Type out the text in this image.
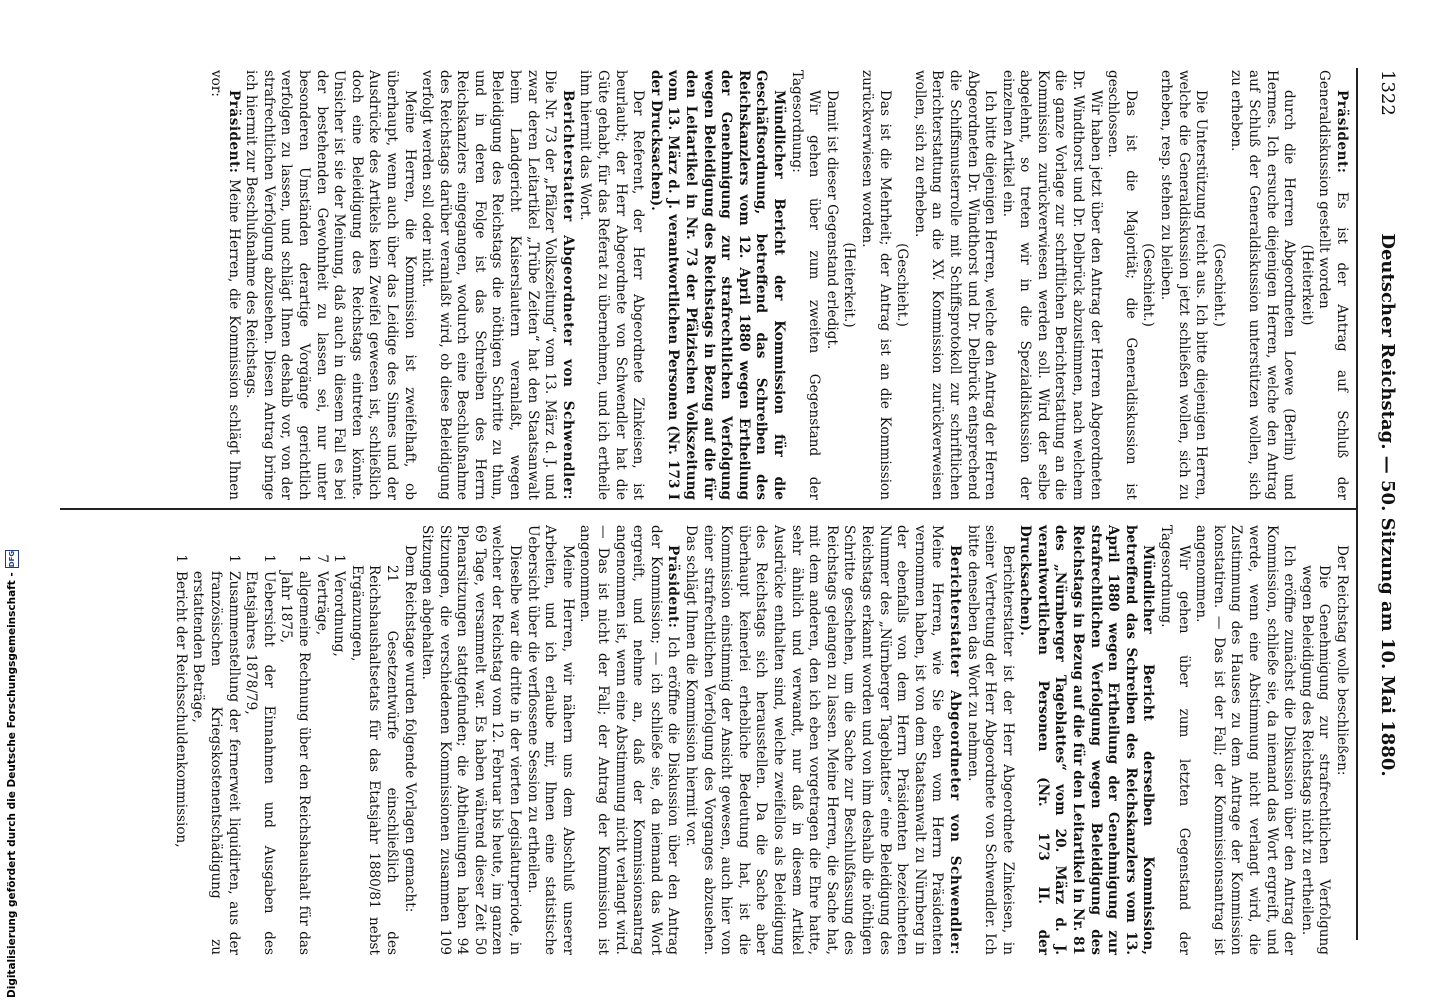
1322
Deutscher Reichstag. — 50. Sitzung am 10. Mai 1880.

Präsident: Es ist der Antrag auf Schluß der Generaldiskussion gestellt worden

(Heiterkeit)

durch die Herren Abgeordneten Loewe (Berlin) und Hermes. Ich ersuche diejenigen Herren, welche den Antrag auf Schluß der Generaldiskussion unterstützen wollen, sich zu erheben.

(Geschieht.)

Die Unterstützung reicht aus. Ich bitte diejenigen Herren, welche die Generaldiskussion jetzt schließen wollen, sich zu erheben, resp. stehen zu bleiben.

(Geschieht.)

Das ist die Majorität; die Generaldiskussion ist geschlossen.

Wir haben jetzt über den Antrag der Herren Abgeordneten Dr. Windthorst und Dr. Delbrück abzustimmen, nach welchem die ganze Vorlage zur schriftlichen Berichterstattung an die Kommission zurückverwiesen werden soll. Wird der selbe abgelehnt, so treten wir in die Spezialdiskussion der einzelnen Artikel ein.

Ich bitte diejenigen Herren, welche den Antrag der Herren Abgeordneten Dr. Windthorst und Dr. Delbrück entsprechend die Schiffsmusterrolle mit Schiffsprotokoll zur schriftlichen Berichterstattung an die XV. Kommission zurückverweisen wollen, sich zu erheben.

(Geschieht.)

Das ist die Mehrheit; der Antrag ist an die Kommission zurückverwiesen worden.

(Heiterkeit.)

Damit ist dieser Gegenstand erledigt.

Wir gehen über zum zweiten Gegenstand der Tagesordnung:

Mündlicher Bericht der Kommission für die Geschäftsordnung, betreffend das Schreiben des Reichskanzlers vom 12. April 1880 wegen Ertheilung der Genehmigung zur strafrechtlichen Verfolgung wegen Beleidigung des Reichstags in Bezug auf die für den Leitartikel in Nr. 73 der Pfälzischen Volkszeitung vom 13. März d. J. verantwortlichen Personen (Nr. 173 I der Drucksachen).

Der Referent, der Herr Abgeordnete Zinkeisen, ist beurlaubt; der Herr Abgeordnete von Schwendler hat die Güte gehabt, für das Referat zu übernehmen, und ich ertheile ihm hiermit das Wort.

Berichterstatter Abgeordneter von Schwendler: Die Nr. 73 der „Pfälzer Volkszeitung“ vom 13. März d. J. und zwar deren Leitartikel „Trübe Zeiten“ hat den Staatsanwalt beim Landgericht Kaiserslautern veranlaßt, wegen Beleidigung des Reichstags die nöthigen Schritte zu thun, und in deren Folge ist das Schreiben des Herrn Reichskanzlers eingegangen, wodurch eine Beschlußnahme des Reichstags darüber veranlaßt wird, ob diese Beleidigung verfolgt werden soll oder nicht.

Meine Herren, die Kommission ist zweifelhaft, ob überhaupt, wenn auch über das Leidige des Sinnes und der Ausdrücke des Artikels kein Zweifel gewesen ist, schließlich doch eine Beleidigung des Reichstags eintreten könnte. Unsicher ist sie der Meinung, daß auch in diesem Fall es bei der bestehenden Gewohnheit zu lassen sei, nur unter besonderen Umständen derartige Vorgänge gerichtlich verfolgen zu lassen, und schlägt Ihnen deshalb vor, von der strafrechtlichen Verfolgung abzusehen. Diesen Antrag bringe ich hiermit zur Beschlußnahme des Reichstags.

Präsident: Meine Herren, die Kommission schlägt Ihnen vor:

Der Reichstag wolle beschließen:

Die Genehmigung zur strafrechtlichen Verfolgung wegen Beleidigung des Reichstags nicht zu ertheilen.

Ich eröffne zunächst die Diskussion über den Antrag der Kommission, schließe sie, da niemand das Wort ergreift, und werde, wenn eine Abstimmung nicht verlangt wird, die Zustimmung des Hauses zu dem Antrage der Kommission konstatiren. — Das ist der Fall; der Kommissionsantrag ist angenommen.

Wir gehen über zum letzten Gegenstand der Tagesordnung.

Mündlicher Bericht derselben Kommission, betreffend das Schreiben des Reichskanzlers vom 13. April 1880 wegen Ertheilung der Genehmigung zur strafrechtlichen Verfolgung wegen Beleidigung des Reichstags in Bezug auf die für den Leitartikel in Nr. 81 des „Nürnberger Tageblattes“ vom 20. März d. J. verantwortlichen Personen (Nr. 173 II. der Drucksachen).

Berichterstatter ist der Herr Abgeordnete Zinkeisen, in seiner Vertretung der Herr Abgeordnete von Schwendler. Ich bitte denselben das Wort zu nehmen.

Berichterstatter Abgeordneter von Schwendler: Meine Herren, wie Sie eben vom Herrn Präsidenten vernommen haben, ist von dem Staatsanwalt zu Nürnberg in der ebenfalls von dem Herrn Präsidenten bezeichneten Nummer des „Nürnberger Tageblattes“ eine Beleidigung des Reichstags erkannt worden und von ihm deshalb die nöthigen Schritte geschehen, um die Sache zur Beschlußfassung des Reichstags gelangen zu lassen. Meine Herren, die Sache hat, mit dem anderen, den ich eben vorgetragen die Ehre hatte, sehr ähnlich und verwandt, nur daß in diesem Artikel Ausdrücke enthalten sind, welche zweifellos als Beleidigung des Reichstags sich herausstellen. Da die Sache aber überhaupt keinerlei erhebliche Bedeutung hat, ist die Kommission einstimmig der Ansicht gewesen, auch hier von einer strafrechtlichen Verfolgung des Vorganges abzusehen. Das schlägt Ihnen die Kommission hiermit vor.

Präsident: Ich eröffne die Diskussion über den Antrag der Kommission; — ich schließe sie, da niemand das Wort ergreift, und nehme an, daß der Kommissionsantrag angenommen ist, wenn eine Abstimmung nicht verlangt wird. — Das ist nicht der Fall; der Antrag der Kommission ist angenommen.

Meine Herren, wir nähern uns dem Abschluß unserer Arbeiten, und ich erlaube mir, Ihnen eine statistische Uebersicht über die verflossene Session zu ertheilen.

Dieselbe war die dritte in der vierten Legislaturperiode, in welcher der Reichstag vom 12. Februar bis heute, im ganzen 69 Tage, versammelt war. Es haben während dieser Zeit 50 Plenarsitzungen stattgefunden; die Abtheilungen haben 94 Sitzungen, die verschiedenen Kommissionen zusammen 109 Sitzungen abgehalten.

Dem Reichstage wurden folgende Vorlagen gemacht:

21 Gesetzentwürfe einschließlich des Reichshaushaltsetats für das Etatsjahr 1880/81 nebst Ergänzungen,

1
Verordnung,
7
Verträge,
1
allgemeine Rechnung über den Reichshaushalt für das Jahr 1875,
1
Uebersicht der Einnahmen und Ausgaben des Etatsjahres 1878/79,
1
Zusammenstellung der fernerweit liquidirten, aus der französischen Kriegskostenentschädigung zu erstattenden Beträge,
1
Bericht der Reichsschuldenkommission,
Digitalisierung gefördert durch die Deutsche Forschungsgemeinschaft -
DFG
